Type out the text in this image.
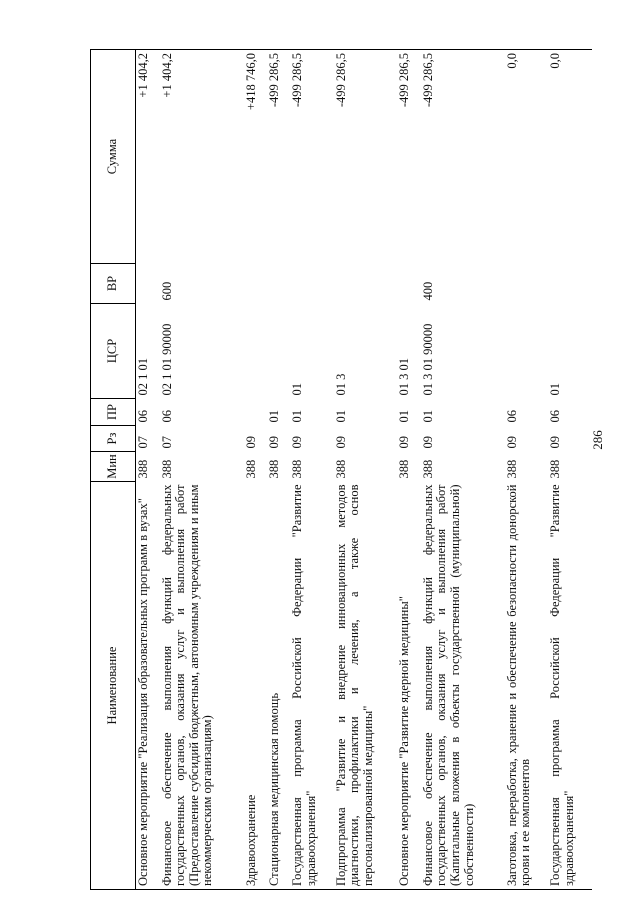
286
Наименование	Мин	Рз	ПР	ЦСР	ВР	Сумма
Основное мероприятие "Реализация образовательных программ в вузах"	388	07	06	02 1 01		+1 404,2
Финансовое обеспечение выполнения функций федеральных государственных органов, оказания услуг и выполнения работ (Предоставление субсидий бюджетным, автономным учреждениям и иным некоммерческим организациям)	388	07	06	02 1 01 90000	600	+1 404,2
Здравоохранение	388	09				+418 746,0
Стационарная медицинская помощь	388	09	01			-499 286,5
Государственная программа Российской Федерации "Развитие здравоохранения"	388	09	01	01		-499 286,5
Подпрограмма "Развитие и внедрение инновационных методов диагностики, профилактики и лечения, а также основ персонализированной медицины"	388	09	01	01 3		-499 286,5
Основное мероприятие "Развитие ядерной медицины"	388	09	01	01 3 01		-499 286,5
Финансовое обеспечение выполнения функций федеральных государственных органов, оказания услуг и выполнения работ (Капитальные вложения в объекты государственной (муниципальной) собственности)	388	09	01	01 3 01 90000	400	-499 286,5
Заготовка, переработка, хранение и обеспечение безопасности донорской крови и ее компонентов	388	09	06			0,0
Государственная программа Российской Федерации "Развитие здравоохранения"	388	09	06	01		0,0
